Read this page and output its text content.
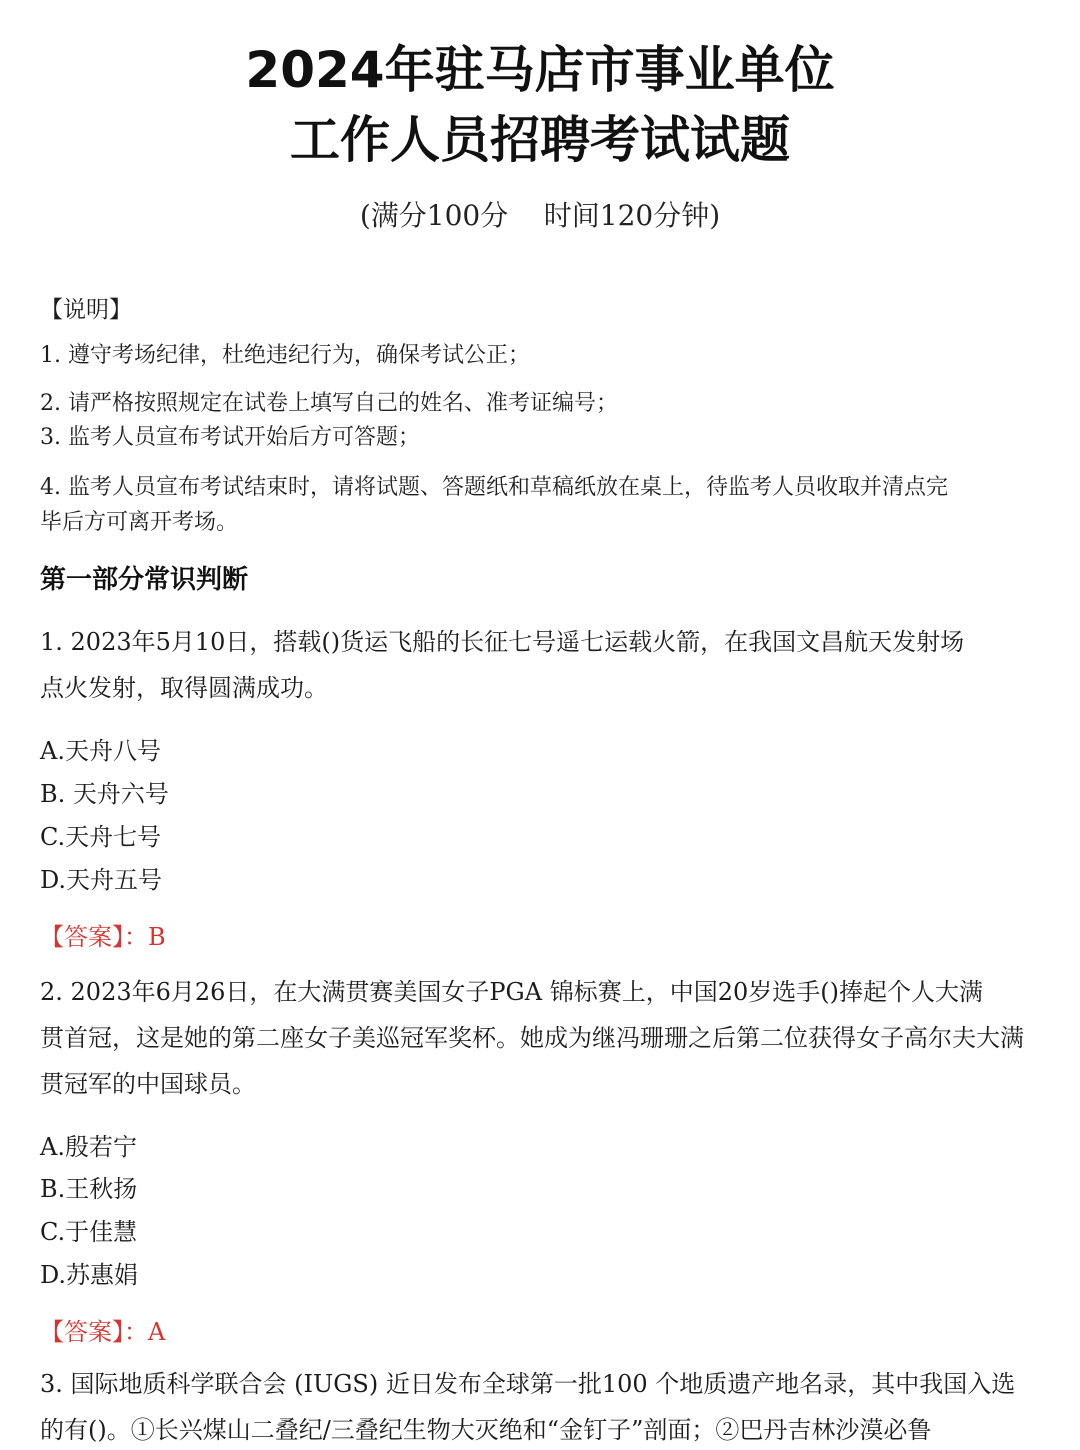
2024年驻马店市事业单位
工作人员招聘考试试题
(满分100分    时间120分钟)
【说明】
1. 遵守考场纪律，杜绝违纪行为，确保考试公正；
2. 请严格按照规定在试卷上填写自己的姓名、准考证编号；
3. 监考人员宣布考试开始后方可答题；
4. 监考人员宣布考试结束时，请将试题、答题纸和草稿纸放在桌上，待监考人员收取并清点完
毕后方可离开考场。
第一部分常识判断
1. 2023年5月10日，搭载()货运飞船的长征七号遥七运载火箭，在我国文昌航天发射场
点火发射，取得圆满成功。
A.天舟八号
B. 天舟六号
C.天舟七号
D.天舟五号
【答案】：B
2. 2023年6月26日，在大满贯赛美国女子PGA 锦标赛上，中国20岁选手()捧起个人大满
贯首冠，这是她的第二座女子美巡冠军奖杯。她成为继冯珊珊之后第二位获得女子高尔夫大满
贯冠军的中国球员。
A.殷若宁
B.王秋扬
C.于佳慧
D.苏惠娟
【答案】：A
3. 国际地质科学联合会 (IUGS) 近日发布全球第一批100 个地质遗产地名录，其中我国入选
的有()。①长兴煤山二叠纪/三叠纪生物大灭绝和“金钉子”剖面；②巴丹吉林沙漠必鲁
